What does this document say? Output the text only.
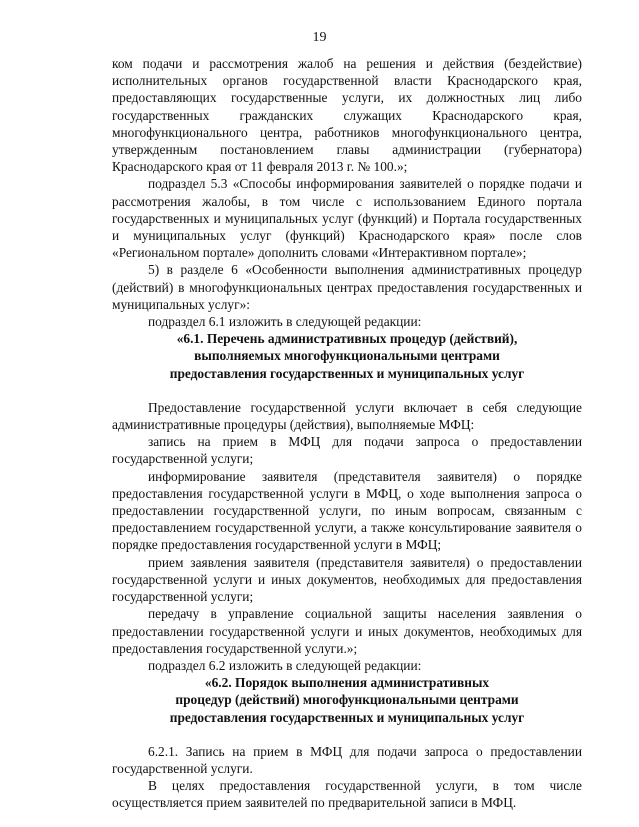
19

ком подачи и рассмотрения жалоб на решения и действия (бездействие) исполнительных органов государственной власти Краснодарского края, предоставляющих государственные услуги, их должностных лиц либо государственных гражданских служащих Краснодарского края, многофункционального центра, работников многофункционального центра, утвержденным постановлением главы администрации (губернатора) Краснодарского края от 11 февраля 2013 г. № 100.»;

подраздел 5.3 «Способы информирования заявителей о порядке подачи и рассмотрения жалобы, в том числе с использованием Единого портала государственных и муниципальных услуг (функций) и Портала государственных и муниципальных услуг (функций) Краснодарского края» после слов «Региональном портале» дополнить словами «Интерактивном портале»;

5) в разделе 6 «Особенности выполнения административных процедур (действий) в многофункциональных центрах предоставления государственных и муниципальных услуг»:

подраздел 6.1 изложить в следующей редакции:

«6.1. Перечень административных процедур (действий),

выполняемых многофункциональными центрами

предоставления государственных и муниципальных услуг

Предоставление государственной услуги включает в себя следующие административные процедуры (действия), выполняемые МФЦ:

запись на прием в МФЦ для подачи запроса о предоставлении государственной услуги;

информирование заявителя (представителя заявителя) о порядке предоставления государственной услуги в МФЦ, о ходе выполнения запроса о предоставлении государственной услуги, по иным вопросам, связанным с предоставлением государственной услуги, а также консультирование заявителя о порядке предоставления государственной услуги в МФЦ;

прием заявления заявителя (представителя заявителя) о предоставлении государственной услуги и иных документов, необходимых для предоставления государственной услуги;

передачу в управление социальной защиты населения заявления о предоставлении государственной услуги и иных документов, необходимых для предоставления государственной услуги.»;

подраздел 6.2 изложить в следующей редакции:

«6.2. Порядок выполнения административных

процедур (действий) многофункциональными центрами

предоставления государственных и муниципальных услуг

6.2.1. Запись на прием в МФЦ для подачи запроса о предоставлении государственной услуги.

В целях предоставления государственной услуги, в том числе осуществляется прием заявителей по предварительной записи в МФЦ.
